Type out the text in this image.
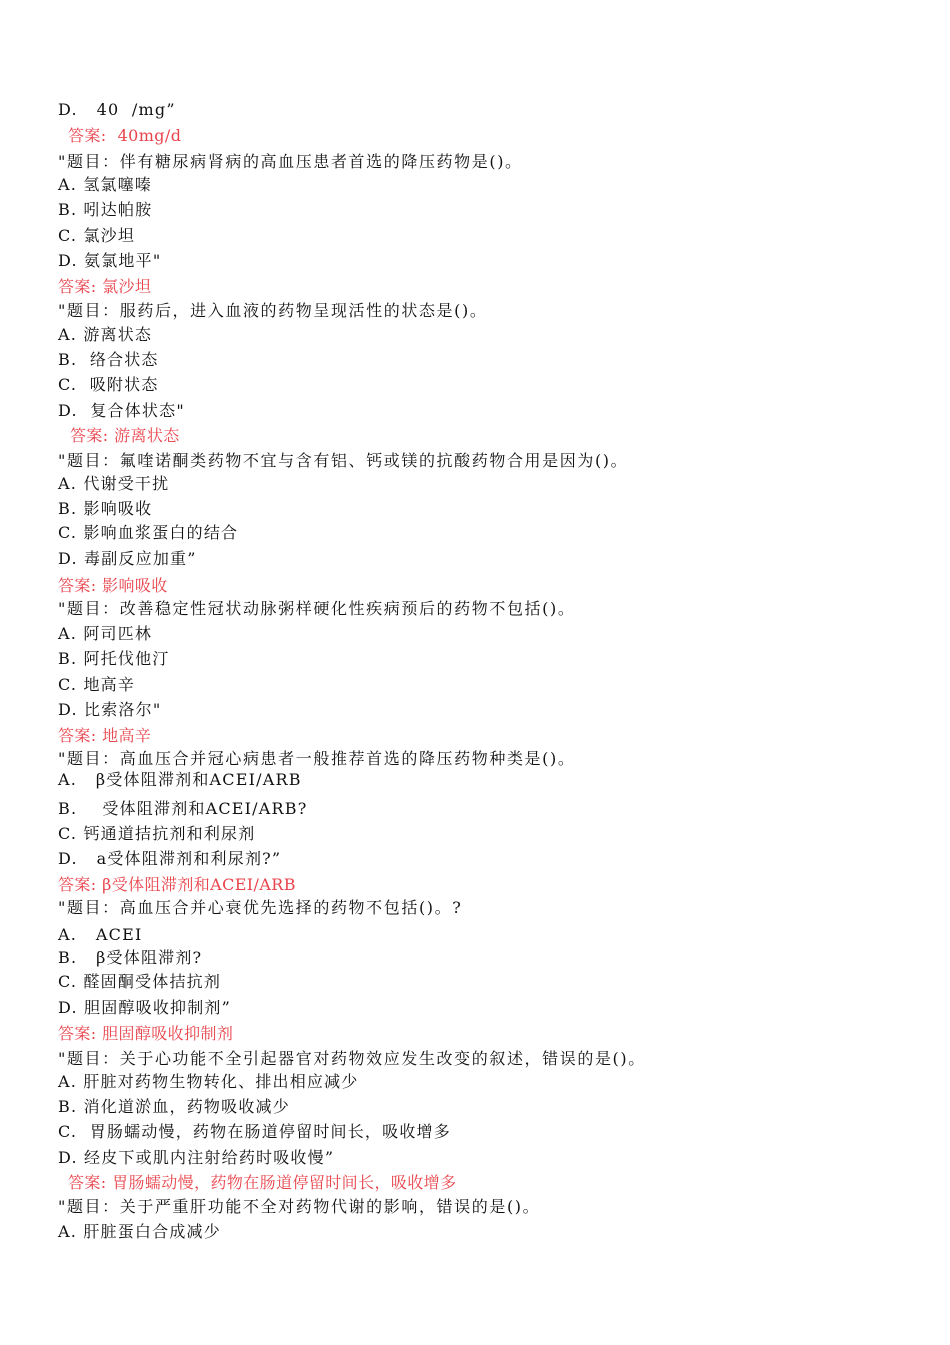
D.   40  /mg”
答案:  40mg/d
"题目：伴有糖尿病肾病的高血压患者首选的降压药物是()。
A. 氢氯噻嗪
B. 吲达帕胺
C. 氯沙坦
D. 氨氯地平"
答案: 氯沙坦
"题目：服药后，进入血液的药物呈现活性的状态是()。
A. 游离状态
B.  络合状态
C.  吸附状态
D.  复合体状态"
答案: 游离状态
"题目：氟喹诺酮类药物不宜与含有铝、钙或镁的抗酸药物合用是因为()。
A. 代谢受干扰
B. 影响吸收
C. 影响血浆蛋白的结合
D. 毒副反应加重”
答案: 影响吸收
"题目：改善稳定性冠状动脉粥样硬化性疾病预后的药物不包括()。
A. 阿司匹林
B. 阿托伐他汀
C. 地高辛
D. 比索洛尔"
答案: 地高辛
"题目：高血压合并冠心病患者一般推荐首选的降压药物种类是()。
A.   β受体阻滞剂和ACEI/ARB
B.    受体阻滞剂和ACEI/ARB?
C. 钙通道拮抗剂和利尿剂
D.   a受体阻滞剂和利尿剂?”
答案: β受体阻滞剂和ACEI/ARB
"题目：高血压合并心衰优先选择的药物不包括()。?
A.   ACEI
B.   β受体阻滞剂?
C. 醛固酮受体拮抗剂
D. 胆固醇吸收抑制剂”
答案: 胆固醇吸收抑制剂
"题目：关于心功能不全引起器官对药物效应发生改变的叙述，错误的是()。
A. 肝脏对药物生物转化、排出相应减少
B. 消化道淤血，药物吸收减少
C.  胃肠蠕动慢，药物在肠道停留时间长，吸收增多
D. 经皮下或肌内注射给药时吸收慢”
答案: 胃肠蠕动慢，药物在肠道停留时间长，吸收增多
"题目：关于严重肝功能不全对药物代谢的影响，错误的是()。
A. 肝脏蛋白合成减少
